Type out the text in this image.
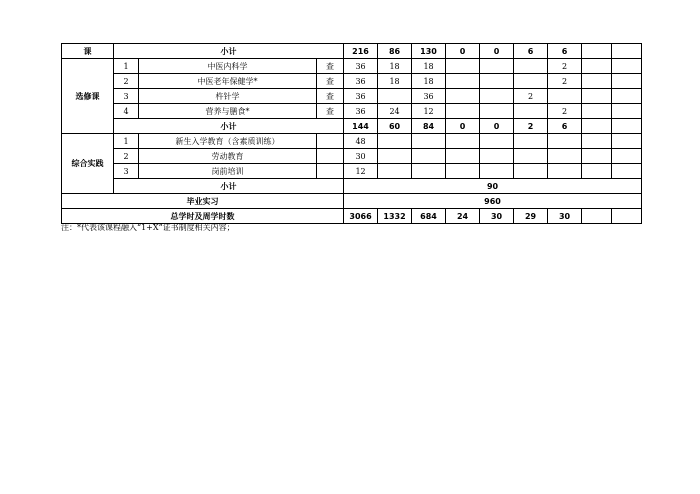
课	小计			216	86	130	0	0	6	6		
选修课	1	中医内科学	查	36	18	18				2		
	2	中医老年保健学*	查	36	18	18				2		
	3	杵针学	查	36		36			2			
	4	营养与膳食*	查	36	24	12				2		
	小计			144	60	84	0	0	2	6		
综合实践	1	新生入学教育（含素质训练）		48								
	2	劳动教育		30								
	3	岗前培训		12								
	小计			90								
毕业实习				960								
总学时及周学时数				3066	1332	684	24	30	29	30		
注：*代表该课程融入“1+X”证书制度相关内容；
